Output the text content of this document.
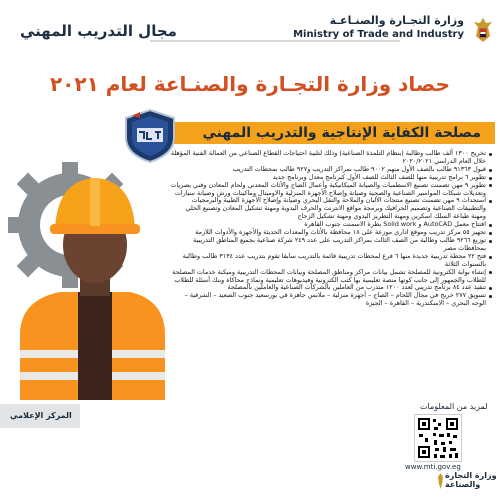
وزارة التجـارة والصنـاعـة
Ministry of Trade and Industry
مجال التدريب المهني
حصاد وزارة التجـارة والصنـاعة لعام ٢٠٢١
مصلحة الكفاية الإنتاجية والتدريب المهني

تخريج ١٣٠٠ ألف طالب وطالبة (بنظام التلمذة الصناعية) وذلك لتلبية احتياجات القطاع الصناعي من العمالة الفنية المؤهلة خلال العام الدراسي ٢٠٢٠/٢٠٢١

قبول ٩١٣٦٣ طالب بالصف الأول منهم ٩٠٠٢ طالب بمراكز التدريب و٩٢٧ طالب بمحطات التدريب

تطوير ٦ برامج تدريبية منها للصف الثالث للصف الأول كبرنامج معدل وبرنامج جديد

تطوير ٩ مهن تضمنت تصنيع الاسطمبات والصيانة الميكانيكية وأعمال الصاج والأثاث المعدني ولحام المعادن وفني بصريات وتعديلات شبكات المواسير الصناعية والصحية وصيانة وإصلاح الأجهزة المنزلية والاوميتال وماكينات ورش وصيانة سيارات

استحداث ٩ مهن تضمنت تصنيع منتجات الألبان والملاحة والنقل البحري وصيانة وإصلاح الأجهزة الطبية والبرمجيات والتطبيقات الصناعية وتصميم الجرافيك وبرمجة مواقع الانترنت والحرف اليدوية ومهنة تشكيل المعادن وتصنيع الحلي ومهنة طباعة السلك اسكرين ومهنة التطريز اليدوي ومهنة تشكيل الزجاج

افتتاح معمل AutoCAD و Solid work بطرة الاسمنت جنوب القاهرة

تجهيز ٥٥ مركز تدريب وموقع اداري موزعة على ١٨ محافظة بالأثاث والمعدات الحديثة والأجهزة والأدوات اللازمة

توزيع ٩٢٦٦ طالب وطالبة من الصف الثالث بمراكز التدريب على عدد ٢٤٩ شركة صناعية بجميع المناطق التدريبية بمحافظات مصر

فتح ٢٢ محطة تدريبية جديدة منها ٦ فرع لمحطات تدريبية قائمة بالتدريب سابقا تقوم بتدريب عدد ٣١٣٤ طالب وطالبة بالسنوات الثلاثة

إنشاء بوابة الكترونية للمصلحة تشمل بيانات مراكز ومناطق المصلحة وبيانات المحطات التدريبية وميكنة خدمات المصلحة للطلاب والجمهور إلى جانب كونها منصة تعليمية بها كتب الكترونية وفيديوهات تعليمية ونماذج محاكاة وبنك أسئلة للطلاب

تنفيذ عدد ٨٤ برنامج تدريبي لعدد ١٢٠٠ متدرب من العاملين بالشركات الصناعية والعاملين بالمصلحة

تسويق ٢٧٧ خريج في مجال اللحام – الصاج – أجهزة منزلية – ملابس جاهزة في بورسعيد جنوب الصعيد – الشرقية – الوجه البحري – الاسكندرية – القاهرة – الجيزة

المركز الإعلامي
لمزيد من المعلومات
www.mti.gov.eg
وزارة التجارة والصناعة
